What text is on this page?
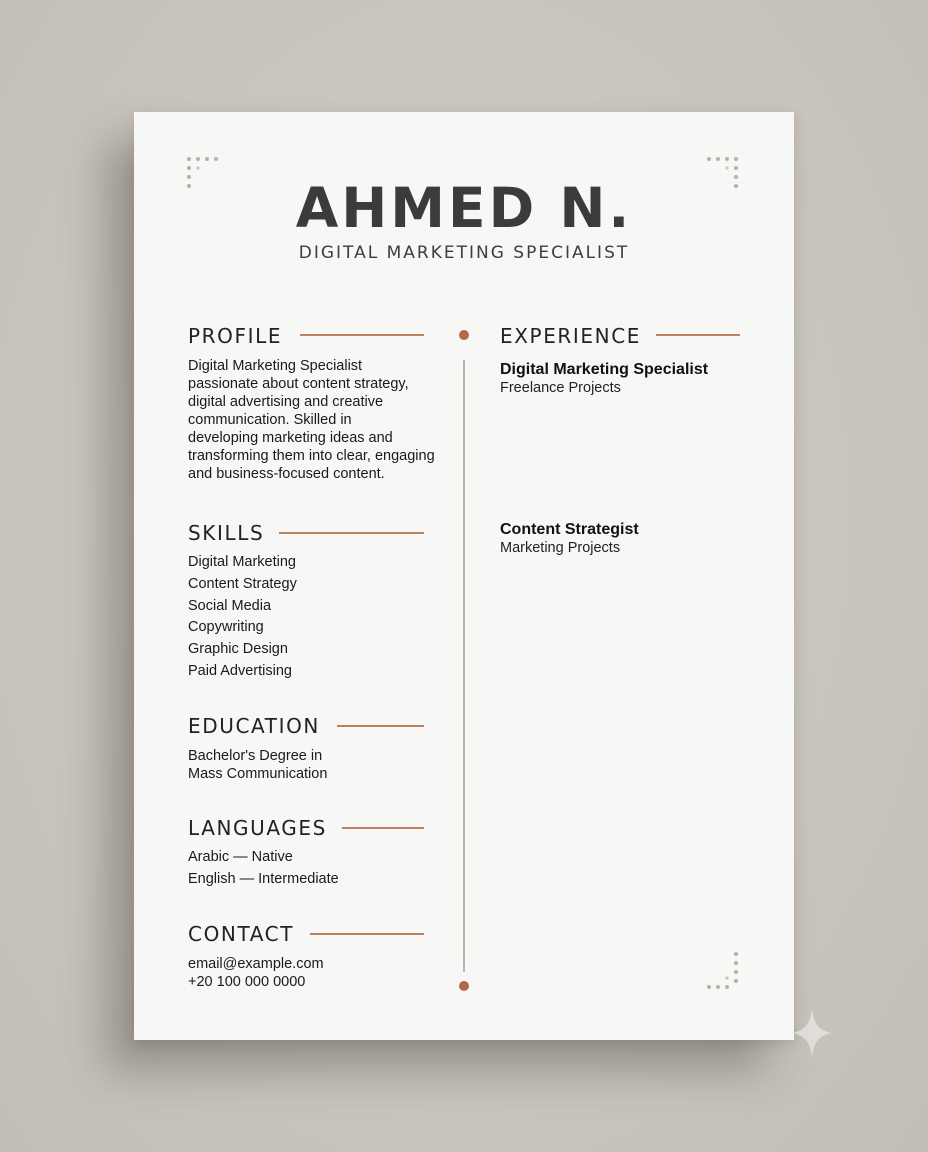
AHMED N.
DIGITAL MARKETING SPECIALIST
PROFILE
Digital Marketing Specialist
passionate about content strategy,
digital advertising and creative
communication. Skilled in
developing marketing ideas and
transforming them into clear, engaging
and business-focused content.
SKILLS
Digital Marketing
Content Strategy
Social Media
Copywriting
Graphic Design
Paid Advertising
EDUCATION
Bachelor's Degree in
Mass Communication
LANGUAGES
Arabic — Native
English — Intermediate
CONTACT
email@example.com
+20 100 000 0000
EXPERIENCE
Digital Marketing Specialist
Freelance Projects
Content Strategist
Marketing Projects
